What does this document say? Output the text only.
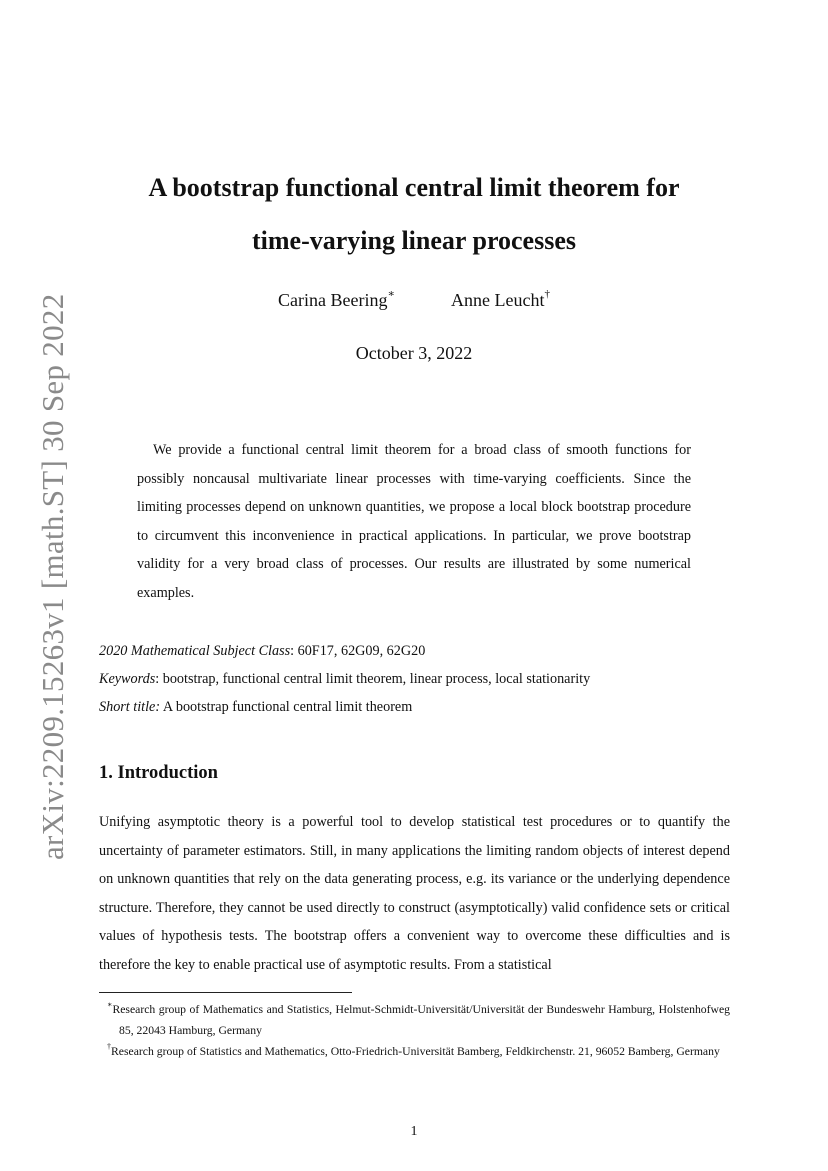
arXiv:2209.15263v1 [math.ST] 30 Sep 2022
A bootstrap functional central limit theorem for
time-varying linear processes
Carina Beering∗	Anne Leucht†
October 3, 2022

We provide a functional central limit theorem for a broad class of smooth functions for possibly noncausal multivariate linear processes with time-varying coefficients. Since the limiting processes depend on unknown quantities, we propose a local block bootstrap procedure to circumvent this inconvenience in practical applications. In particular, we prove bootstrap validity for a very broad class of processes. Our results are illustrated by some numerical examples.

2020 Mathematical Subject Class: 60F17, 62G09, 62G20
Keywords: bootstrap, functional central limit theorem, linear process, local stationarity
Short title: A bootstrap functional central limit theorem
1. Introduction

Unifying asymptotic theory is a powerful tool to develop statistical test procedures or to quantify the uncertainty of parameter estimators. Still, in many applications the limiting random objects of interest depend on unknown quantities that rely on the data generating process, e.g. its variance or the underlying dependence structure. Therefore, they cannot be used directly to construct (asymptotically) valid confidence sets or critical values of hypothesis tests. The bootstrap offers a convenient way to overcome these difficulties and is therefore the key to enable practical use of asymptotic results. From a statistical

∗Research group of Mathematics and Statistics, Helmut-Schmidt-Universität/Universität der Bundeswehr Hamburg, Holstenhofweg 85, 22043 Hamburg, Germany

†Research group of Statistics and Mathematics, Otto-Friedrich-Universität Bamberg, Feldkirchenstr. 21, 96052 Bamberg, Germany

1
